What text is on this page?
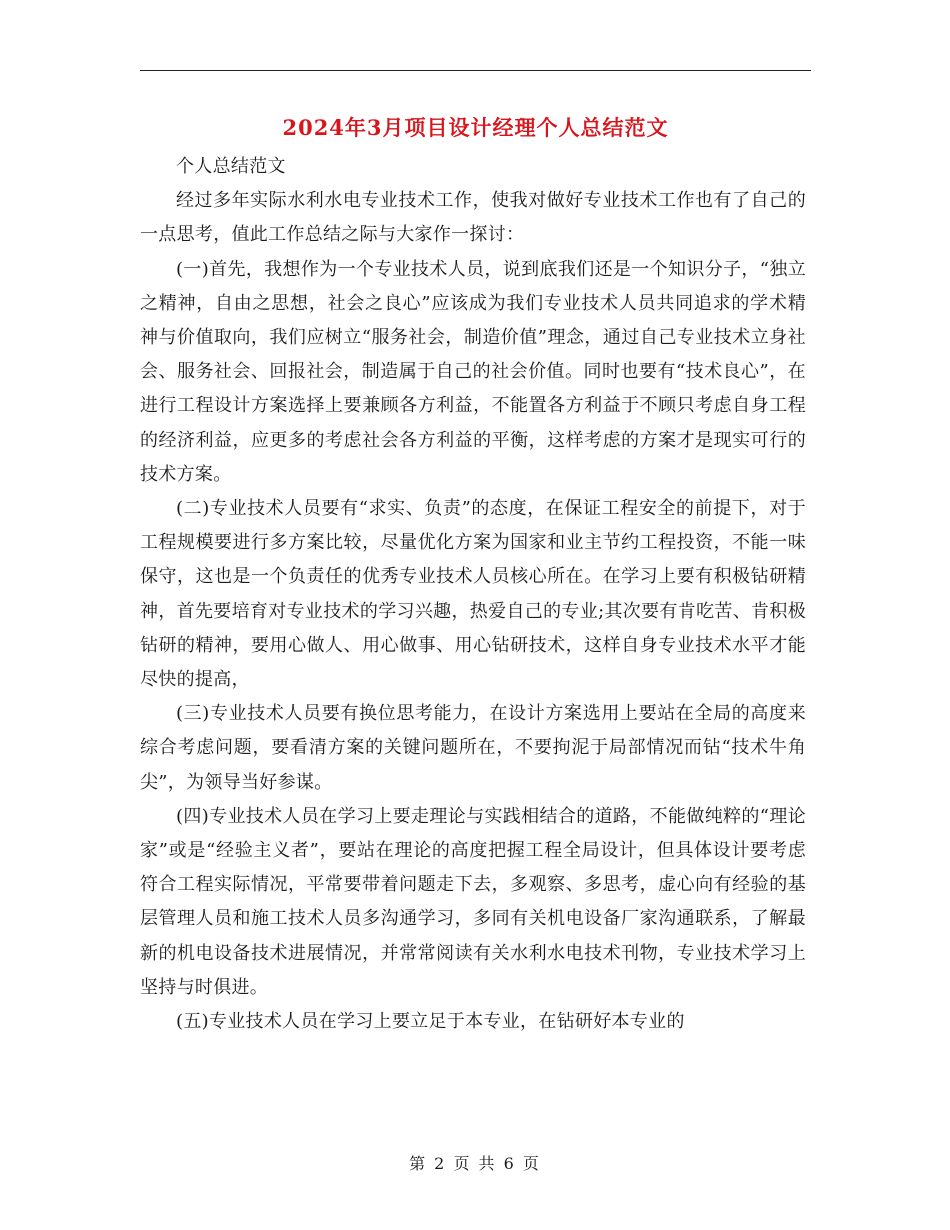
2024年3月项目设计经理个人总结范文

个人总结范文

经过多年实际水利水电专业技术工作，使我对做好专业技术工作也有了自己的一点思考，值此工作总结之际与大家作一探讨：

(一)首先，我想作为一个专业技术人员，说到底我们还是一个知识分子，“独立之精神，自由之思想，社会之良心”应该成为我们专业技术人员共同追求的学术精神与价值取向，我们应树立“服务社会，制造价值”理念，通过自己专业技术立身社会、服务社会、回报社会，制造属于自己的社会价值。同时也要有“技术良心”，在进行工程设计方案选择上要兼顾各方利益，不能置各方利益于不顾只考虑自身工程的经济利益，应更多的考虑社会各方利益的平衡，这样考虑的方案才是现实可行的技术方案。

(二)专业技术人员要有“求实、负责”的态度，在保证工程安全的前提下，对于工程规模要进行多方案比较，尽量优化方案为国家和业主节约工程投资，不能一味保守，这也是一个负责任的优秀专业技术人员核心所在。在学习上要有积极钻研精神，首先要培育对专业技术的学习兴趣，热爱自己的专业;其次要有肯吃苦、肯积极钻研的精神，要用心做人、用心做事、用心钻研技术，这样自身专业技术水平才能尽快的提高，

(三)专业技术人员要有换位思考能力，在设计方案选用上要站在全局的高度来综合考虑问题，要看清方案的关键问题所在，不要拘泥于局部情况而钻“技术牛角尖”，为领导当好参谋。

(四)专业技术人员在学习上要走理论与实践相结合的道路，不能做纯粹的“理论家”或是“经验主义者”，要站在理论的高度把握工程全局设计，但具体设计要考虑符合工程实际情况，平常要带着问题走下去，多观察、多思考，虚心向有经验的基层管理人员和施工技术人员多沟通学习，多同有关机电设备厂家沟通联系，了解最新的机电设备技术进展情况，并常常阅读有关水利水电技术刊物，专业技术学习上坚持与时俱进。

(五)专业技术人员在学习上要立足于本专业，在钻研好本专业的

第 2 页 共 6 页
